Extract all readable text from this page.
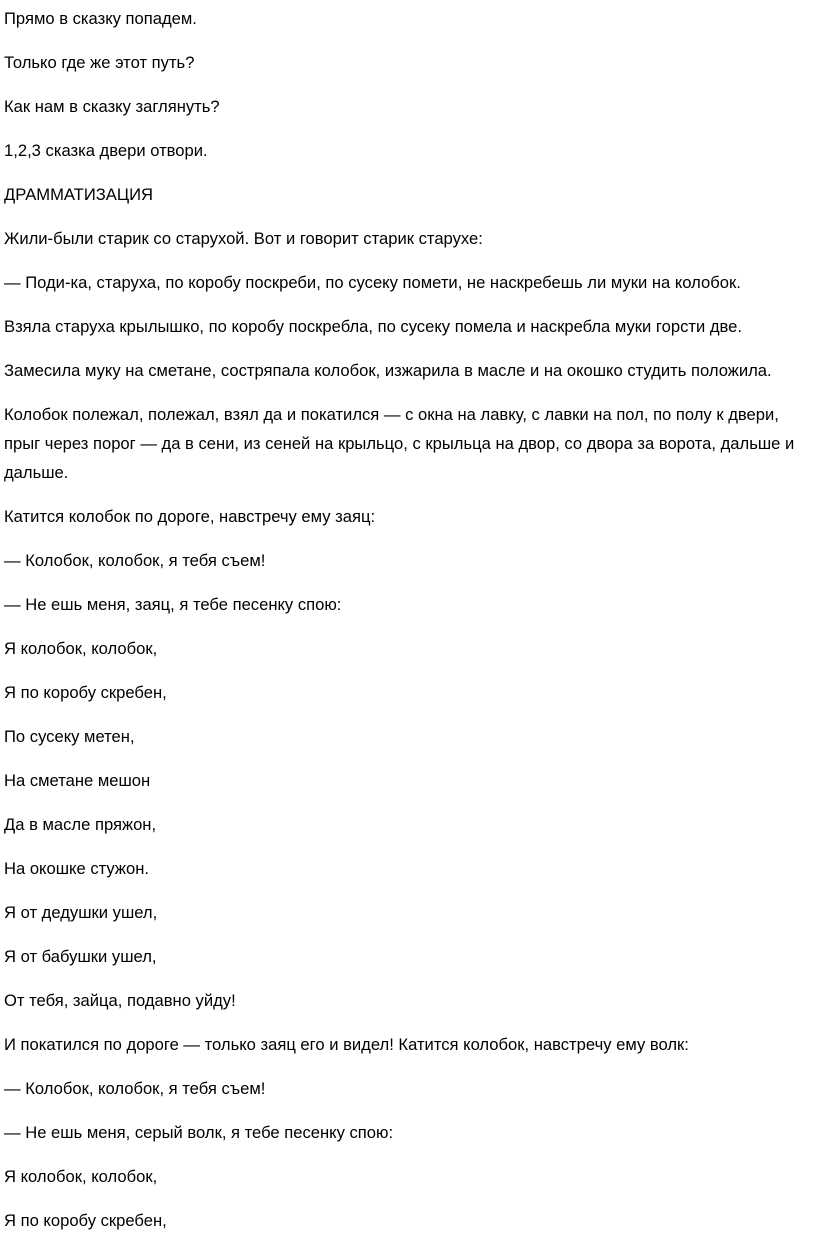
Прямо в сказку попадем.

Только где же этот путь?

Как нам в сказку заглянуть?

1,2,3 сказка двери отвори.

ДРАММАТИЗАЦИЯ

Жили-были старик со старухой. Вот и говорит старик старухе:

— Поди-ка, старуха, по коробу поскреби, по сусеку помети, не наскребешь ли муки на колобок.

Взяла старуха крылышко, по коробу поскребла, по сусеку помела и наскребла муки горсти две.

Замесила муку на сметане, состряпала колобок, изжарила в масле и на окошко студить положила.

Колобок полежал, полежал, взял да и покатился — с окна на лавку, с лавки на пол, по полу к двери, прыг через порог — да в сени, из сеней на крыльцо, с крыльца на двор, со двора за ворота, дальше и дальше.

Катится колобок по дороге, навстречу ему заяц:

— Колобок, колобок, я тебя съем!

— Не ешь меня, заяц, я тебе песенку спою:

Я колобок, колобок,

Я по коробу скребен,

По сусеку метен,

На сметане мешон

Да в масле пряжон,

На окошке стужон.

Я от дедушки ушел,

Я от бабушки ушел,

От тебя, зайца, подавно уйду!

И покатился по дороге — только заяц его и видел! Катится колобок, навстречу ему волк:

— Колобок, колобок, я тебя съем!

— Не ешь меня, серый волк, я тебе песенку спою:

Я колобок, колобок,

Я по коробу скребен,
